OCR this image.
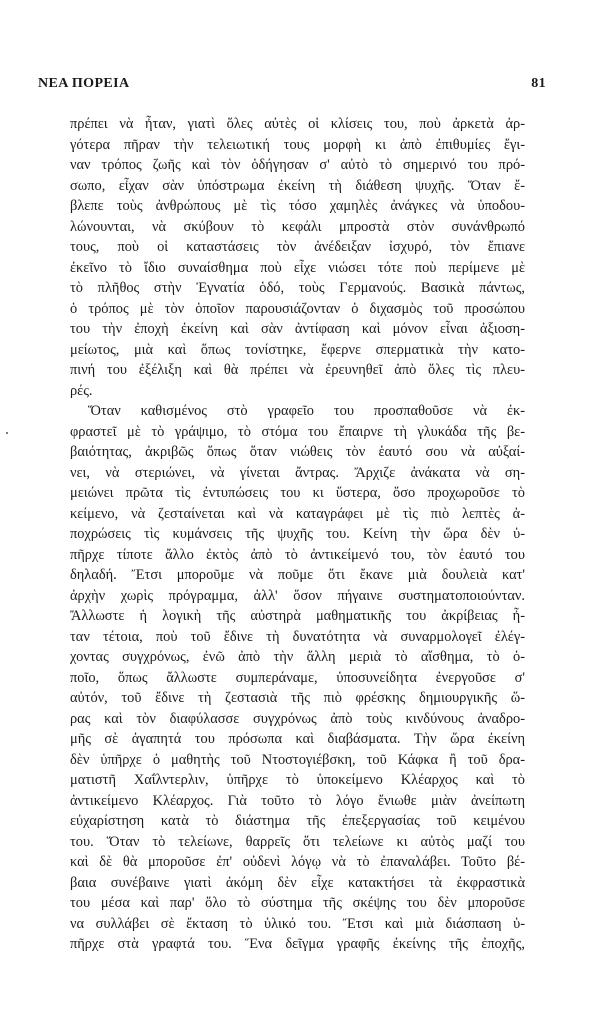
ΝΕΑ ΠΟΡΕΙΑ	81
πρέπει νὰ ἦταν, γιατὶ ὅλες αὐτὲς οἱ κλίσεις του, ποὺ ἀρκετὰ ἀρ-
γότερα πῆραν τὴν τελειωτική τους μορφὴ κι ἀπὸ ἐπιθυμίες ἔγι-
ναν τρόπος ζωῆς καὶ τὸν ὁδήγησαν σ' αὐτὸ τὸ σημερινό του πρό-
σωπο, εἶχαν σὰν ὑπόστρωμα ἐκείνη τὴ διάθεση ψυχῆς. Ὅταν ἔ-
βλεπε τοὺς ἀνθρώπους μὲ τὶς τόσο χαμηλὲς ἀνάγκες νὰ ὑποδου-
λώνουνται, νὰ σκύβουν τὸ κεφάλι μπροστὰ στὸν συνάνθρωπό
τους, ποὺ οἱ καταστάσεις τὸν ἀνέδειξαν ἰσχυρό, τὸν ἔπιανε
ἐκεῖνο τὸ ἴδιο συναίσθημα ποὺ εἶχε νιώσει τότε ποὺ περίμενε μὲ
τὸ πλῆθος στὴν Ἐγνατία ὁδό, τοὺς Γερμανούς. Βασικὰ πάντως,
ὁ τρόπος μὲ τὸν ὁποῖον παρουσιάζονταν ὁ διχασμὸς τοῦ προσώπου
του τὴν ἐποχὴ ἐκείνη καὶ σὰν ἀντίφαση καὶ μόνον εἶναι ἀξιοση-
μείωτος, μιὰ καὶ ὅπως τονίστηκε, ἔφερνε σπερματικὰ τὴν κατο-
πινή του ἐξέλιξη καὶ θὰ πρέπει νὰ ἐρευνηθεῖ ἀπὸ ὅλες τὶς πλευ-
ρές.
Ὅταν καθισμένος στὸ γραφεῖο του προσπαθοῦσε νὰ ἐκ-
φραστεῖ μὲ τὸ γράψιμο, τὸ στόμα του ἔπαιρνε τὴ γλυκάδα τῆς βε-
βαιότητας, ἀκριβῶς ὅπως ὅταν νιώθεις τὸν ἑαυτό σου νὰ αὐξαί-
νει, νὰ στεριώνει, νὰ γίνεται ἄντρας. Ἄρχιζε ἀνάκατα νὰ ση-
μειώνει πρῶτα τὶς ἐντυπώσεις του κι ὕστερα, ὅσο προχωροῦσε τὸ
κείμενο, νὰ ζεσταίνεται καὶ νὰ καταγράφει μὲ τὶς πιὸ λεπτὲς ἀ-
ποχρώσεις τὶς κυμάνσεις τῆς ψυχῆς του. Κείνη τὴν ὥρα δὲν ὑ-
πῆρχε τίποτε ἄλλο ἐκτὸς ἀπὸ τὸ ἀντικείμενό του, τὸν ἑαυτό του
δηλαδή. Ἔτσι μποροῦμε νὰ ποῦμε ὅτι ἔκανε μιὰ δουλειὰ κατ'
ἀρχὴν χωρὶς πρόγραμμα, ἀλλ' ὅσον πήγαινε συστηματοποιούνταν.
Ἄλλωστε ἡ λογικὴ τῆς αὐστηρὰ μαθηματικῆς του ἀκρίβειας ἦ-
ταν τέτοια, ποὺ τοῦ ἔδινε τὴ δυνατότητα νὰ συναρμολογεῖ ἐλέγ-
χοντας συγχρόνως, ἐνῶ ἀπὸ τὴν ἄλλη μεριὰ τὸ αἴσθημα, τὸ ὁ-
ποῖο, ὅπως ἄλλωστε συμπεράναμε, ὑποσυνείδητα ἐνεργοῦσε σ'
αὐτόν, τοῦ ἔδινε τὴ ζεστασιὰ τῆς πιὸ φρέσκης δημιουργικῆς ὥ-
ρας καὶ τὸν διαφύλασσε συγχρόνως ἀπὸ τοὺς κινδύνους ἀναδρο-
μῆς σὲ ἀγαπητά του πρόσωπα καὶ διαβάσματα. Τὴν ὥρα ἐκείνη
δὲν ὑπῆρχε ὁ μαθητὴς τοῦ Ντοστογιέβσκη, τοῦ Κάφκα ἢ τοῦ δρα-
ματιστῆ Χαΐλντερλιν, ὑπῆρχε τὸ ὑποκείμενο Κλέαρχος καὶ τὸ
ἀντικείμενο Κλέαρχος. Γιὰ τοῦτο τὸ λόγο ἔνιωθε μιὰν ἀνείπωτη
εὐχαρίστηση κατὰ τὸ διάστημα τῆς ἐπεξεργασίας τοῦ κειμένου
του. Ὅταν τὸ τελείωνε, θαρρεῖς ὅτι τελείωνε κι αὐτὸς μαζί του
καὶ δὲ θὰ μποροῦσε ἐπ' οὐδενὶ λόγῳ νὰ τὸ ἐπαναλάβει. Τοῦτο βέ-
βαια συνέβαινε γιατὶ ἀκόμη δὲν εἶχε κατακτήσει τὰ ἐκφραστικὰ
του μέσα καὶ παρ' ὅλο τὸ σύστημα τῆς σκέψης του δὲν μποροῦσε
να συλλάβει σὲ ἔκταση τὸ ὑλικό του. Ἔτσι καὶ μιὰ διάσπαση ὑ-
πῆρχε στὰ γραφτά του. Ἕνα δεῖγμα γραφῆς ἐκείνης τῆς ἐποχῆς,
